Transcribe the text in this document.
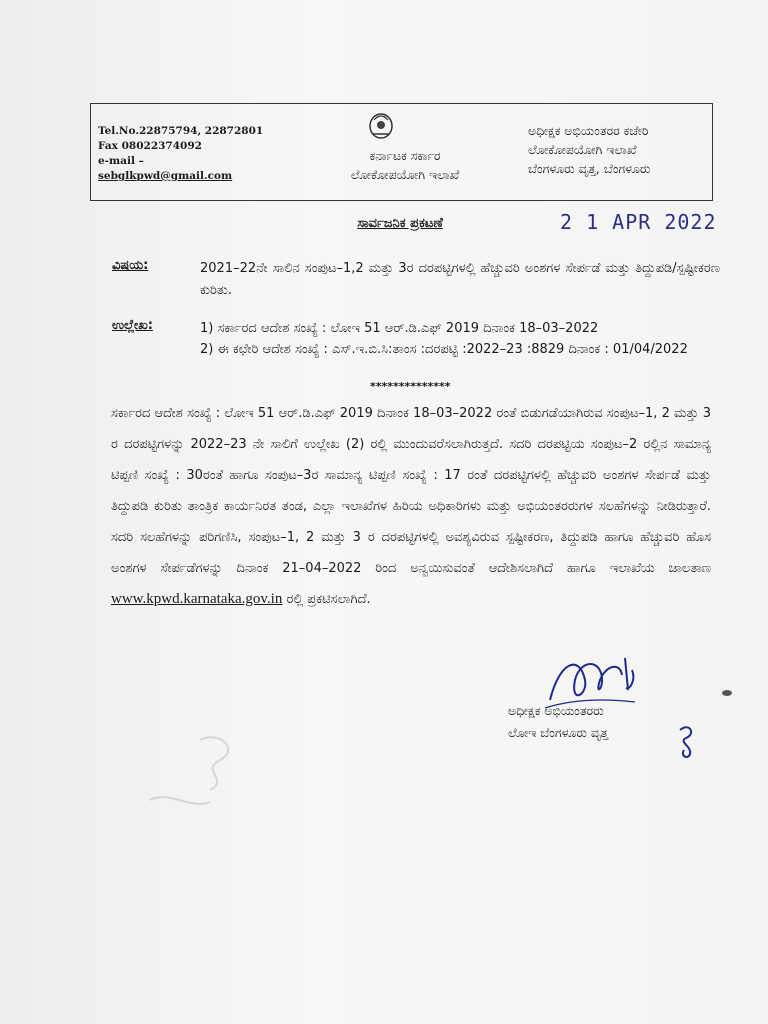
Tel.No.22875794, 22872801
Fax 08022374092
e-mail –
sebglkpwd@gmail.com
ಕರ್ನಾಟಕ ಸರ್ಕಾರ
ಲೋಕೋಪಯೋಗಿ ಇಲಾಖೆ
ಅಧೀಕ್ಷಕ ಅಭಿಯಂತರರ ಕಚೇರಿ
ಲೋಕೋಪಯೋಗಿ ಇಲಾಖೆ
ಬೆಂಗಳೂರು ವೃತ್ತ, ಬೆಂಗಳೂರು
ಸಾರ್ವಜನಿಕ ಪ್ರಕಟಣೆ	2 1 APR 2022
ವಿಷಯ:	2021–22ನೇ ಸಾಲಿನ ಸಂಪುಟ–1,2 ಮತ್ತು 3ರ ದರಪಟ್ಟಿಗಳಲ್ಲಿ ಹೆಚ್ಚುವರಿ ಅಂಶಗಳ ಸೇರ್ಪಡೆ ಮತ್ತು ತಿದ್ದುಪಡಿ/ಸ್ಪಷ್ಟೀಕರಣ ಕುರಿತು.
ಉಲ್ಲೇಖ:	1) ಸರ್ಕಾರದ ಆದೇಶ ಸಂಖ್ಯೆ : ಲೋಇ 51 ಆರ್.ಡಿ.ಎಫ್ 2019 ದಿನಾಂಕ 18–03–2022
2) ಈ ಕಛೇರಿ ಆದೇಶ ಸಂಖ್ಯೆ : ಎಸ್.ಇ.ಬಿ.ಸಿ:ತಾಂಸ :ದರಪಟ್ಟಿ :2022–23 :8829 ದಿನಾಂಕ : 01/04/2022
**************
ಸರ್ಕಾರದ ಆದೇಶ ಸಂಖ್ಯೆ : ಲೋಇ 51 ಆರ್.ಡಿ.ಎಫ್ 2019 ದಿನಾಂಕ 18–03–2022 ರಂತೆ ಬಿಡುಗಡೆಯಾಗಿರುವ ಸಂಪುಟ–1, 2 ಮತ್ತು 3 ರ ದರಪಟ್ಟಿಗಳನ್ನು 2022–23 ನೇ ಸಾಲಿಗೆ ಉಲ್ಲೇಖ (2) ರಲ್ಲಿ ಮುಂದುವರೆಸಲಾಗಿರುತ್ತದೆ. ಸದರಿ ದರಪಟ್ಟಿಯ ಸಂಪುಟ–2 ರಲ್ಲಿನ ಸಾಮಾನ್ಯ ಟಿಪ್ಪಣಿ ಸಂಖ್ಯೆ : 30ರಂತೆ ಹಾಗೂ ಸಂಪುಟ–3ರ ಸಾಮಾನ್ಯ ಟಿಪ್ಪಣಿ ಸಂಖ್ಯೆ : 17 ರಂತೆ ದರಪಟ್ಟಿಗಳಲ್ಲಿ ಹೆಚ್ಚುವರಿ ಅಂಶಗಳ ಸೇರ್ಪಡೆ ಮತ್ತು ತಿದ್ದುಪಡಿ ಕುರಿತು ತಾಂತ್ರಿಕ ಕಾರ್ಯನಿರತ ತಂಡ, ಎಲ್ಲಾ ಇಲಾಖೆಗಳ ಹಿರಿಯ ಅಧಿಕಾರಿಗಳು ಮತ್ತು ಅಭಿಯಂತರರುಗಳ ಸಲಹೆಗಳನ್ನು ನೀಡಿರುತ್ತಾರೆ. ಸದರಿ ಸಲಹೆಗಳನ್ನು ಪರಿಗಣಿಸಿ, ಸಂಪುಟ–1, 2 ಮತ್ತು 3 ರ ದರಪಟ್ಟಿಗಳಲ್ಲಿ ಅವಶ್ಯವಿರುವ ಸ್ಪಷ್ಟೀಕರಣ, ತಿದ್ದುಪಡಿ ಹಾಗೂ ಹೆಚ್ಚುವರಿ ಹೊಸ ಅಂಶಗಳ ಸೇರ್ಪಡೆಗಳನ್ನು ದಿನಾಂಕ 21–04–2022 ರಿಂದ ಅನ್ವಯಿಸುವಂತೆ ಆದೇಶಿಸಲಾಗಿದೆ ಹಾಗೂ ಇಲಾಖೆಯ ಜಾಲತಾಣ www.kpwd.karnataka.gov.in ರಲ್ಲಿ ಪ್ರಕಟಿಸಲಾಗಿದೆ.
ಅಧೀಕ್ಷಕ ಅಭಿಯಂತರರು
ಲೋಇ ಬೆಂಗಳೂರು ವೃತ್ತ
